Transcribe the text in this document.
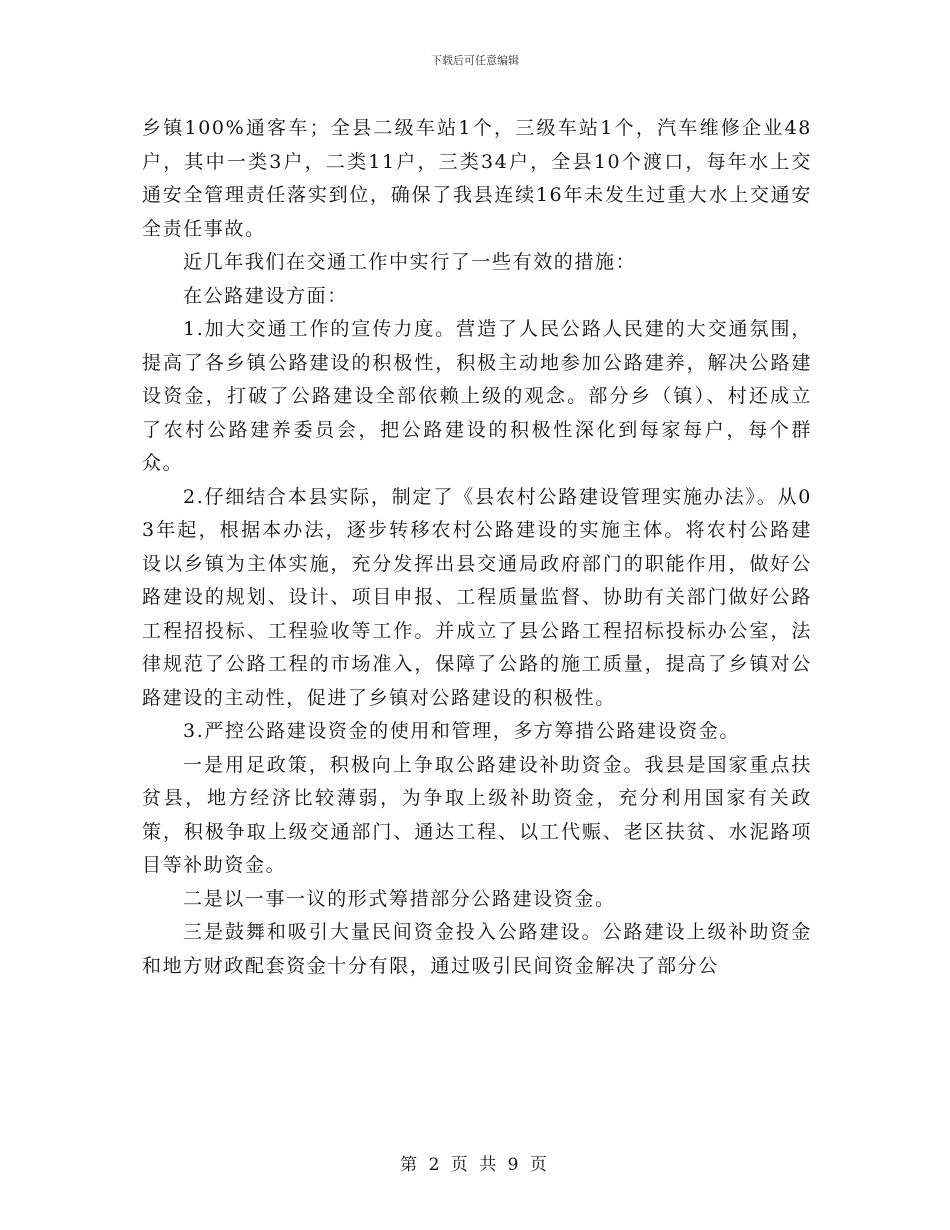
下载后可任意编辑

乡镇100%通客车；全县二级车站1个，三级车站1个，汽车维修企业48户，其中一类3户，二类11户，三类34户，全县10个渡口，每年水上交通安全管理责任落实到位，确保了我县连续16年未发生过重大水上交通安全责任事故。

近几年我们在交通工作中实行了一些有效的措施：

在公路建设方面：

1.加大交通工作的宣传力度。营造了人民公路人民建的大交通氛围，提高了各乡镇公路建设的积极性，积极主动地参加公路建养，解决公路建设资金，打破了公路建设全部依赖上级的观念。部分乡（镇）、村还成立了农村公路建养委员会，把公路建设的积极性深化到每家每户，每个群众。

2.仔细结合本县实际，制定了《县农村公路建设管理实施办法》。从03年起，根据本办法，逐步转移农村公路建设的实施主体。将农村公路建设以乡镇为主体实施，充分发挥出县交通局政府部门的职能作用，做好公路建设的规划、设计、项目申报、工程质量监督、协助有关部门做好公路工程招投标、工程验收等工作。并成立了县公路工程招标投标办公室，法律规范了公路工程的市场准入，保障了公路的施工质量，提高了乡镇对公路建设的主动性，促进了乡镇对公路建设的积极性。

3.严控公路建设资金的使用和管理，多方筹措公路建设资金。

一是用足政策，积极向上争取公路建设补助资金。我县是国家重点扶贫县，地方经济比较薄弱，为争取上级补助资金，充分利用国家有关政策，积极争取上级交通部门、通达工程、以工代赈、老区扶贫、水泥路项目等补助资金。

二是以一事一议的形式筹措部分公路建设资金。

三是鼓舞和吸引大量民间资金投入公路建设。公路建设上级补助资金和地方财政配套资金十分有限，通过吸引民间资金解决了部分公

第 2 页 共 9 页
